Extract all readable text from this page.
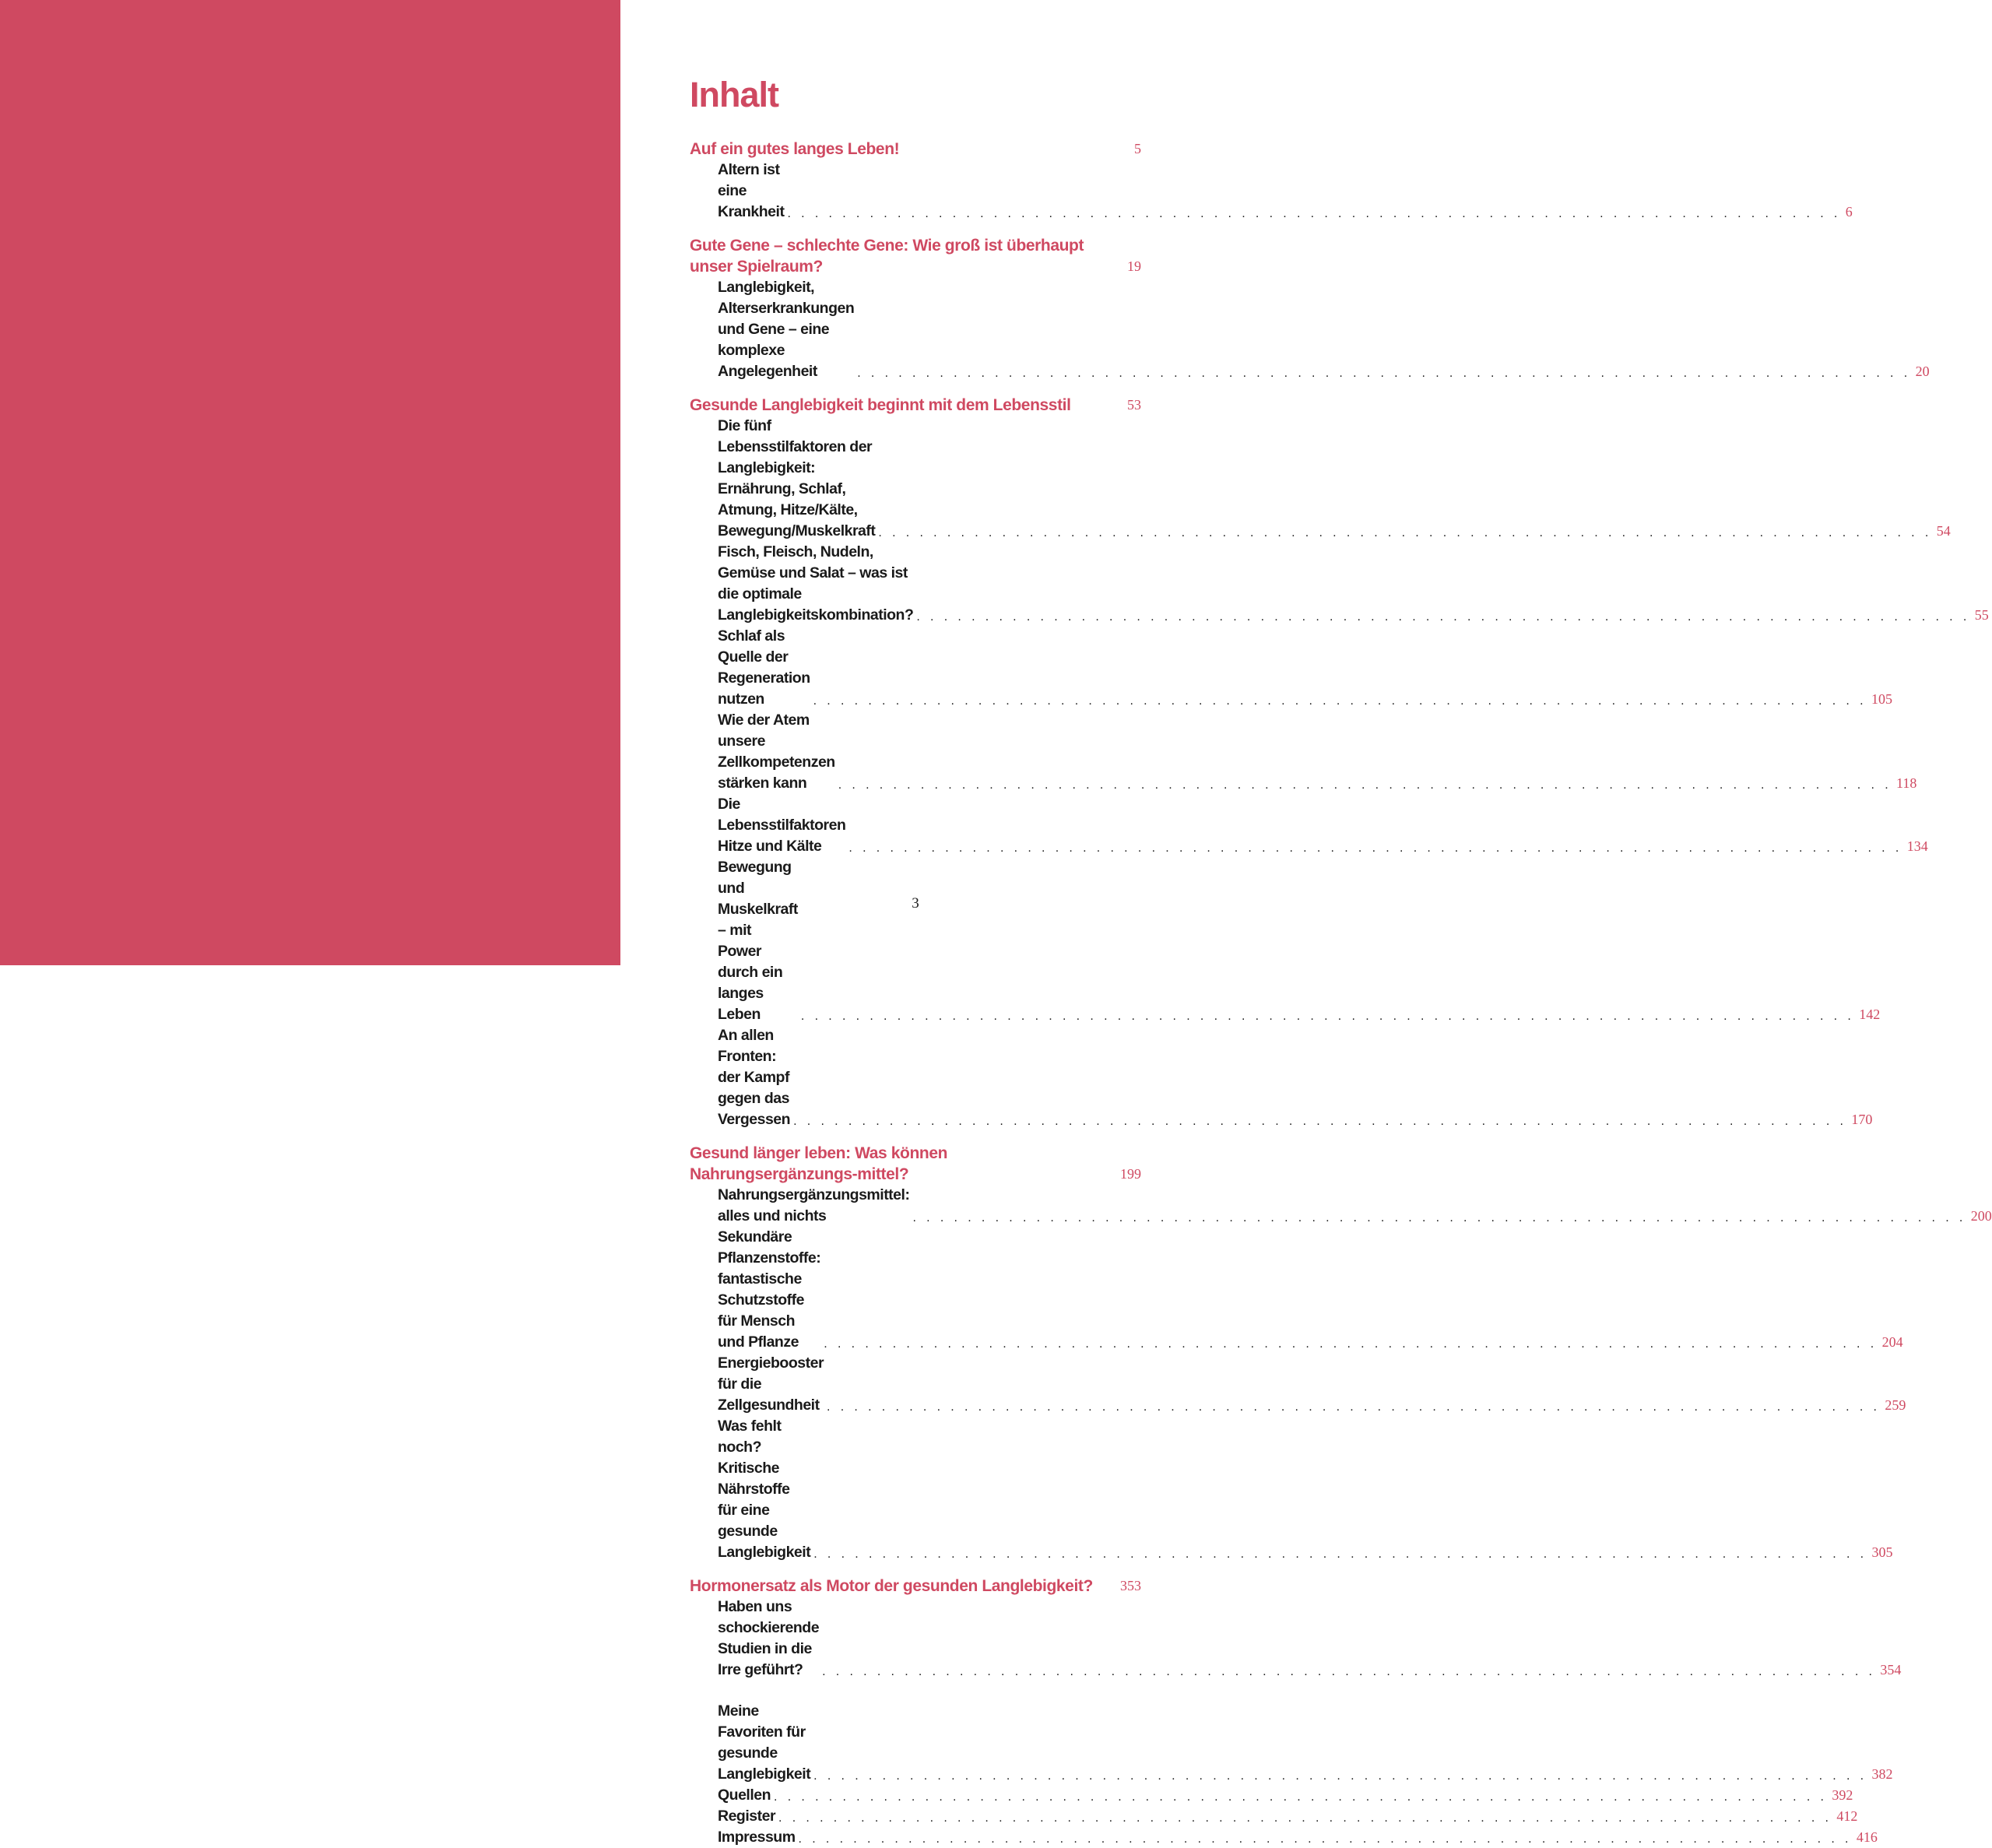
Inhalt
Auf ein gutes langes Leben!	5
Altern ist eine Krankheit . . . . . . . . . . . . . . . . . . . . . . . . . . . . . . . . . . . . . . . . . . . . . . . . . . . . . . . . . . . . . . . . . . . . . . . . . . . . . 6
Gute Gene – schlechte Gene: Wie groß ist überhaupt unser Spielraum?	19
Langlebigkeit, Alterserkrankungen und Gene – eine komplexe Angelegenheit	. . . . . . . . . . . . . . . . . . . . . . . . . . . . . . . . . . . . . . . . . . . . . . . . . . . . . . . . . . . . . . . . . . . . . . . . . . . . . 20
Gesunde Langlebigkeit beginnt mit dem Lebensstil	53
Die fünf Lebensstilfaktoren der Langlebigkeit: Ernährung, Schlaf, Atmung, Hitze/Kälte, Bewegung/Muskelkraft . . . . . . . . . . . . . . . . . . . . . . . . . . . . . . . . . . . . . . . . . . . . . . . . . . . . . . . . . . . . . . . . . . . . . . . . . . . . . 54
Fisch, Fleisch, Nudeln, Gemüse und Salat – was ist die optimale Langlebigkeitskombination? . . . . . . . . . . . . . . . . . . . . . . . . . . . . . . . . . . . . . . . . . . . . . . . . . . . . . . . . . . . . . . . . . . . . . . . . . . . . . 55
Schlaf als Quelle der Regeneration nutzen	. . . . . . . . . . . . . . . . . . . . . . . . . . . . . . . . . . . . . . . . . . . . . . . . . . . . . . . . . . . . . . . . . . . . . . . . . . . . . 105
Wie der Atem unsere Zellkompetenzen stärken kann	. . . . . . . . . . . . . . . . . . . . . . . . . . . . . . . . . . . . . . . . . . . . . . . . . . . . . . . . . . . . . . . . . . . . . . . . . . . . . 118
Die Lebensstilfaktoren Hitze und Kälte	. . . . . . . . . . . . . . . . . . . . . . . . . . . . . . . . . . . . . . . . . . . . . . . . . . . . . . . . . . . . . . . . . . . . . . . . . . . . . 134
Bewegung und Muskelkraft – mit Power durch ein langes Leben	. . . . . . . . . . . . . . . . . . . . . . . . . . . . . . . . . . . . . . . . . . . . . . . . . . . . . . . . . . . . . . . . . . . . . . . . . . . . . 142
An allen Fronten: der Kampf gegen das Vergessen . . . . . . . . . . . . . . . . . . . . . . . . . . . . . . . . . . . . . . . . . . . . . . . . . . . . . . . . . . . . . . . . . . . . . . . . . . . . . 170
Gesund länger leben: Was können Nahrungsergänzungs-mittel?	199
Nahrungsergänzungsmittel: alles und nichts	. . . . . . . . . . . . . . . . . . . . . . . . . . . . . . . . . . . . . . . . . . . . . . . . . . . . . . . . . . . . . . . . . . . . . . . . . . . . . 200
Sekundäre Pflanzenstoffe: fantastische Schutzstoffe für Mensch und Pflanze	. . . . . . . . . . . . . . . . . . . . . . . . . . . . . . . . . . . . . . . . . . . . . . . . . . . . . . . . . . . . . . . . . . . . . . . . . . . . . 204
Energiebooster für die Zellgesundheit . . . . . . . . . . . . . . . . . . . . . . . . . . . . . . . . . . . . . . . . . . . . . . . . . . . . . . . . . . . . . . . . . . . . . . . . . . . . . 259
Was fehlt noch? Kritische Nährstoffe für eine gesunde Langlebigkeit . . . . . . . . . . . . . . . . . . . . . . . . . . . . . . . . . . . . . . . . . . . . . . . . . . . . . . . . . . . . . . . . . . . . . . . . . . . . . 305
Hormonersatz als Motor der gesunden Langlebigkeit? 353
Haben uns schockierende Studien in die Irre geführt?	. . . . . . . . . . . . . . . . . . . . . . . . . . . . . . . . . . . . . . . . . . . . . . . . . . . . . . . . . . . . . . . . . . . . . . . . . . . . . 354
Meine Favoriten für gesunde Langlebigkeit . . . . . . . . . . . . . . . . . . . . . . . . . . . . . . . . . . . . . . . . . . . . . . . . . . . . . . . . . . . . . . . . . . . . . . . . . . . . . 382
Quellen . . . . . . . . . . . . . . . . . . . . . . . . . . . . . . . . . . . . . . . . . . . . . . . . . . . . . . . . . . . . . . . . . . . . . . . . . . . . . 392
Register . . . . . . . . . . . . . . . . . . . . . . . . . . . . . . . . . . . . . . . . . . . . . . . . . . . . . . . . . . . . . . . . . . . . . . . . . . . . . 412
Impressum . . . . . . . . . . . . . . . . . . . . . . . . . . . . . . . . . . . . . . . . . . . . . . . . . . . . . . . . . . . . . . . . . . . . . . . . . . . . . 416
3
